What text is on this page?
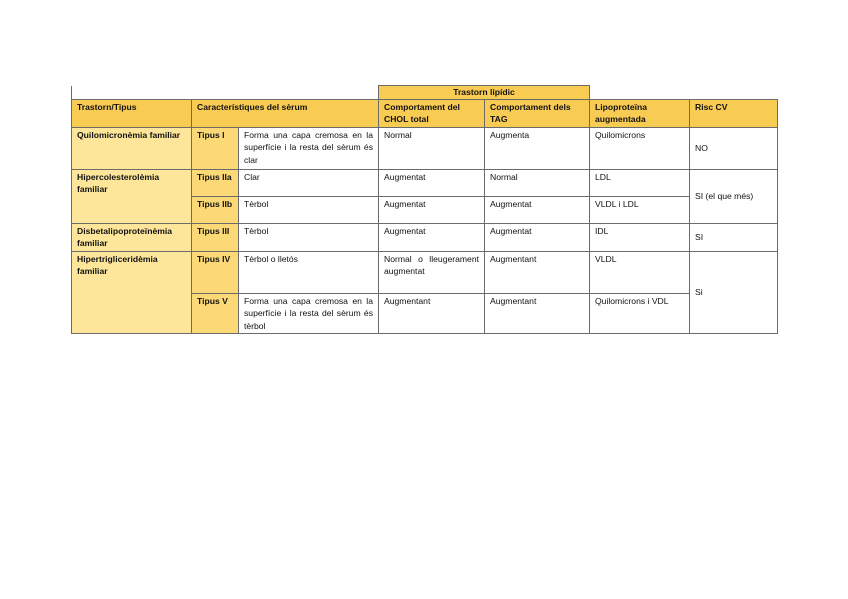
			Trastorn lipídic			
Trastorn/Tipus	Característiques del sèrum		Comportament del CHOL total	Comportament dels TAG	Lipoproteïna augmentada	Risc CV
Quilomicronèmia familiar	Tipus I	Forma una capa cremosa en la superfície i la resta del sèrum és clar	Normal	Augmenta	Quilomicrons	NO
Hipercolesterolèmia familiar	Tipus IIa	Clar	Augmentat	Normal	LDL	SI (el que més)
	Tipus IIb	Tèrbol	Augmentat	Augmentat	VLDL i LDL	
Disbetalipoproteïnèmia familiar	Tipus III	Tèrbol	Augmentat	Augmentat	IDL	SI
Hipertrigliceridèmia familiar	Tipus IV	Tèrbol o lletós	Normal o lleugerament augmentat	Augmentant	VLDL	Si
	Tipus V	Forma una capa cremosa en la superfície i la resta del sèrum és tèrbol	Augmentant	Augmentant	Quilomicrons i VDL	
